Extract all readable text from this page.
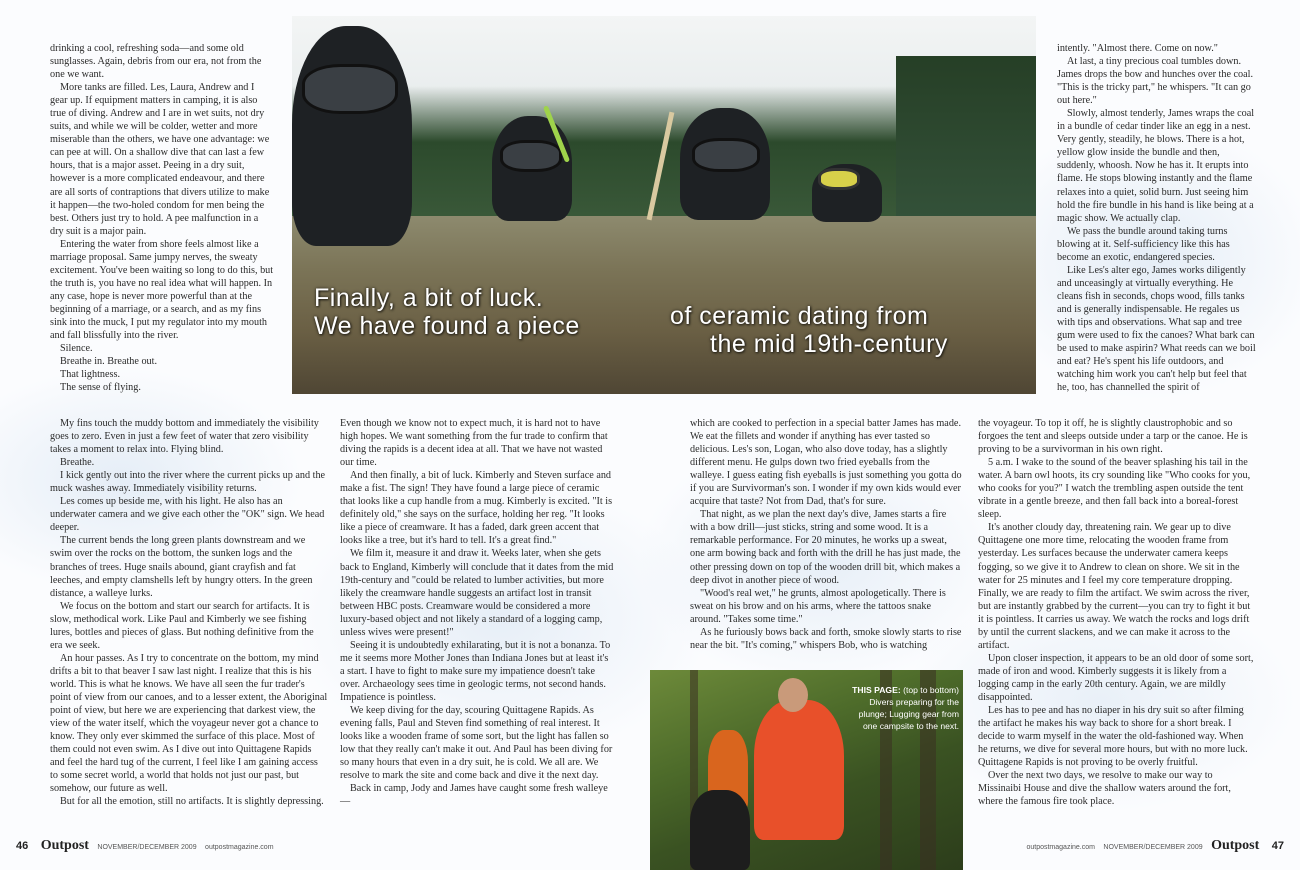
drinking a cool, refreshing soda—and some old sunglasses. Again, debris from our era, not from the one we want.

More tanks are filled. Les, Laura, Andrew and I gear up. If equipment matters in camping, it is also true of diving. Andrew and I are in wet suits, not dry suits, and while we will be colder, wetter and more miserable than the others, we have one advantage: we can pee at will. On a shallow dive that can last a few hours, that is a major asset. Peeing in a dry suit, however is a more complicated endeavour, and there are all sorts of contraptions that divers utilize to make it happen—the two-holed condom for men being the best. Others just try to hold. A pee malfunction in a dry suit is a major pain.

Entering the water from shore feels almost like a marriage proposal. Same jumpy nerves, the sweaty excitement. You've been waiting so long to do this, but the truth is, you have no real idea what will happen. In any case, hope is never more powerful than at the beginning of a marriage, or a search, and as my fins sink into the muck, I put my regulator into my mouth and fall blissfully into the river.

Silence.

Breathe in. Breathe out.

That lightness.

The sense of flying.

My fins touch the muddy bottom and immediately the visibility goes to zero. Even in just a few feet of water that zero visibility takes a moment to relax into. Flying blind.

Breathe.

I kick gently out into the river where the current picks up and the muck washes away. Immediately visibility returns.

Les comes up beside me, with his light. He also has an underwater camera and we give each other the "OK" sign. We head deeper.

The current bends the long green plants downstream and we swim over the rocks on the bottom, the sunken logs and the branches of trees. Huge snails abound, giant crayfish and fat leeches, and empty clamshells left by hungry otters. In the green distance, a walleye lurks.

We focus on the bottom and start our search for artifacts. It is slow, methodical work. Like Paul and Kimberly we see fishing lures, bottles and pieces of glass. But nothing definitive from the era we seek.

An hour passes. As I try to concentrate on the bottom, my mind drifts a bit to that beaver I saw last night. I realize that this is his world. This is what he knows. We have all seen the fur trader's point of view from our canoes, and to a lesser extent, the Aboriginal point of view, but here we are experiencing that darkest view, the view of the water itself, which the voyageur never got a chance to know. They only ever skimmed the surface of this place. Most of them could not even swim. As I dive out into Quittagene Rapids and feel the hard tug of the current, I feel like I am gaining access to some secret world, a world that holds not just our past, but somehow, our future as well.

But for all the emotion, still no artifacts. It is slightly depressing.

Even though we know not to expect much, it is hard not to have high hopes. We want something from the fur trade to confirm that diving the rapids is a decent idea at all. That we have not wasted our time.

And then finally, a bit of luck. Kimberly and Steven surface and make a fist. The sign! They have found a large piece of ceramic that looks like a cup handle from a mug. Kimberly is excited. "It is definitely old," she says on the surface, holding her reg. "It looks like a piece of creamware. It has a faded, dark green accent that looks like a tree, but it's hard to tell. It's a great find."

We film it, measure it and draw it. Weeks later, when she gets back to England, Kimberly will conclude that it dates from the mid 19th-century and "could be related to lumber activities, but more likely the creamware handle suggests an artifact lost in transit between HBC posts. Creamware would be considered a more luxury-based object and not likely a standard of a logging camp, unless wives were present!"

Seeing it is undoubtedly exhilarating, but it is not a bonanza. To me it seems more Mother Jones than Indiana Jones but at least it's a start. I have to fight to make sure my impatience doesn't take over. Archaeology sees time in geologic terms, not second hands. Impatience is pointless.

We keep diving for the day, scouring Quittagene Rapids. As evening falls, Paul and Steven find something of real interest. It looks like a wooden frame of some sort, but the light has fallen so low that they really can't make it out. And Paul has been diving for so many hours that even in a dry suit, he is cold. We all are. We resolve to mark the site and come back and dive it the next day.

Back in camp, Jody and James have caught some fresh walleye—

which are cooked to perfection in a special batter James has made. We eat the fillets and wonder if anything has ever tasted so delicious. Les's son, Logan, who also dove today, has a slightly different menu. He gulps down two fried eyeballs from the walleye. I guess eating fish eyeballs is just something you gotta do if you are Survivorman's son. I wonder if my own kids would ever acquire that taste? Not from Dad, that's for sure.

That night, as we plan the next day's dive, James starts a fire with a bow drill—just sticks, string and some wood. It is a remarkable performance. For 20 minutes, he works up a sweat, one arm bowing back and forth with the drill he has just made, the other pressing down on top of the wooden drill bit, which makes a deep divot in another piece of wood.

"Wood's real wet," he grunts, almost apologetically. There is sweat on his brow and on his arms, where the tattoos snake around. "Takes some time."

As he furiously bows back and forth, smoke slowly starts to rise near the bit. "It's coming," whispers Bob, who is watching

intently. "Almost there. Come on now."

At last, a tiny precious coal tumbles down. James drops the bow and hunches over the coal. "This is the tricky part," he whispers. "It can go out here."

Slowly, almost tenderly, James wraps the coal in a bundle of cedar tinder like an egg in a nest. Very gently, steadily, he blows. There is a hot, yellow glow inside the bundle and then, suddenly, whoosh. Now he has it. It erupts into flame. He stops blowing instantly and the flame relaxes into a quiet, solid burn. Just seeing him hold the fire bundle in his hand is like being at a magic show. We actually clap.

We pass the bundle around taking turns blowing at it. Self-sufficiency like this has become an exotic, endangered species.

Like Les's alter ego, James works diligently and unceasingly at virtually everything. He cleans fish in seconds, chops wood, fills tanks and is generally indispensable. He regales us with tips and observations. What sap and tree gum were used to fix the canoes? What bark can be used to make aspirin? What reeds can we boil and eat? He's spent his life outdoors, and watching him work you can't help but feel that he, too, has channelled the spirit of

the voyageur. To top it off, he is slightly claustrophobic and so forgoes the tent and sleeps outside under a tarp or the canoe. He is proving to be a survivorman in his own right.

5 a.m. I wake to the sound of the beaver splashing his tail in the water. A barn owl hoots, its cry sounding like "Who cooks for you, who cooks for you?" I watch the trembling aspen outside the tent vibrate in a gentle breeze, and then fall back into a boreal-forest sleep.

It's another cloudy day, threatening rain. We gear up to dive Quittagene one more time, relocating the wooden frame from yesterday. Les surfaces because the underwater camera keeps fogging, so we give it to Andrew to clean on shore. We sit in the water for 25 minutes and I feel my core temperature dropping. Finally, we are ready to film the artifact. We swim across the river, but are instantly grabbed by the current—you can try to fight it but it is pointless. It carries us away. We watch the rocks and logs drift by until the current slackens, and we can make it across to the artifact.

Upon closer inspection, it appears to be an old door of some sort, made of iron and wood. Kimberly suggests it is likely from a logging camp in the early 20th century. Again, we are mildly disappointed.

Les has to pee and has no diaper in his dry suit so after filming the artifact he makes his way back to shore for a short break. I decide to warm myself in the water the old-fashioned way. When he returns, we dive for several more hours, but with no more luck. Quittagene Rapids is not proving to be overly fruitful.

Over the next two days, we resolve to make our way to Missinaibi House and dive the shallow waters around the fort, where the famous fire took place.

Finally, a bit of luck.
We have found a piece	of ceramic dating from
the mid 19th-century
THIS PAGE: (top to bottom) Divers preparing for the plunge; Lugging gear from one campsite to the next.
46 Outpost NOVEMBER/DECEMBER 2009 outpostmagazine.com	outpostmagazine.com NOVEMBER/DECEMBER 2009 Outpost 47
